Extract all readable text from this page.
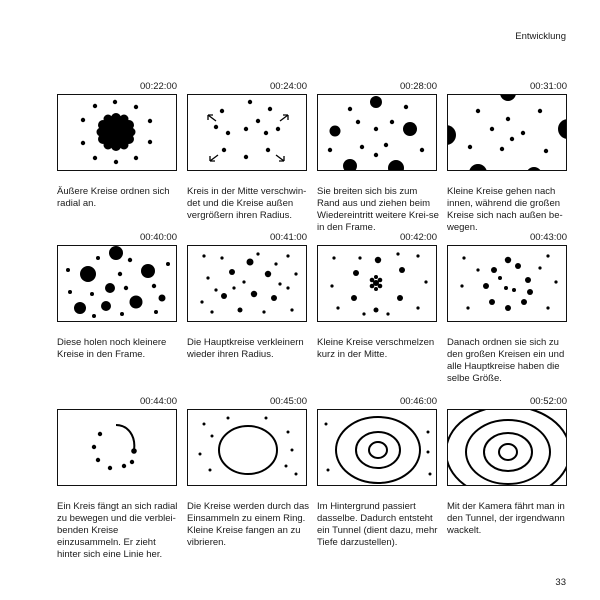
Entwicklung
00:22:00
Äußere Kreise ordnen sich radial an.
00:24:00
Kreis in der Mitte verschwin-det und die Kreise außen vergrößern ihren Radius.
00:28:00
Sie breiten sich bis zum Rand aus und ziehen beim Wiedereintritt weitere Krei-se in den Frame.
00:31:00
Kleine Kreise gehen nach innen, während die großen Kreise sich nach außen be-wegen.
00:40:00
Diese holen noch kleinere Kreise in den Frame.
00:41:00
Die Hauptkreise verkleinern wieder ihren Radius.
00:42:00
Kleine Kreise verschmelzen kurz in der Mitte.
00:43:00
Danach ordnen sie sich zu den großen Kreisen ein und alle Hauptkreise haben die selbe Größe.
00:44:00
Ein Kreis fängt an sich radial zu bewegen und die verblei-benden Kreise einzusammeln. Er zieht hinter sich eine Linie her.
00:45:00
Die Kreise werden durch das Einsammeln zu einem Ring. Kleine Kreise fangen an zu vibrieren.
00:46:00
Im Hintergrund passiert dasselbe. Dadurch entsteht ein Tunnel (dient dazu, mehr Tiefe darzustellen).
00:52:00
Mit der Kamera fährt man in den Tunnel, der irgendwann wackelt.
33
